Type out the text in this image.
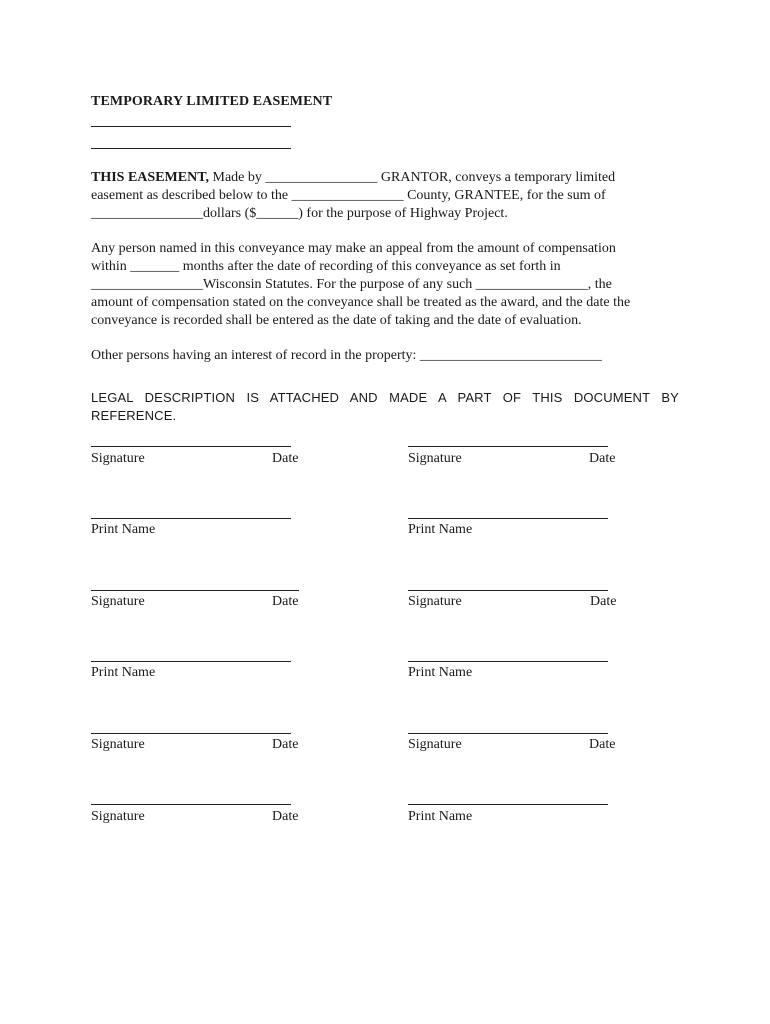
TEMPORARY LIMITED EASEMENT
THIS EASEMENT, Made by ________________ GRANTOR, conveys a temporary limited
easement as described below to the ________________ County, GRANTEE, for the sum of
________________dollars ($______) for the purpose of Highway Project.
Any person named in this conveyance may make an appeal from the amount of compensation
within _______ months after the date of recording of this conveyance as set forth in
________________Wisconsin Statutes. For the purpose of any such ________________, the
amount of compensation stated on the conveyance shall be treated as the award, and the date the
conveyance is recorded shall be entered as the date of taking and the date of evaluation.
Other persons having an interest of record in the property: __________________________
LEGAL DESCRIPTION IS ATTACHED AND MADE A PART OF THIS DOCUMENT BY REFERENCE.
Signature	Date	Signature	Date
Print Name	Print Name
Signature	Date	Signature	Date
Print Name	Print Name
Signature	Date	Signature	Date
Signature	Date	Print Name
